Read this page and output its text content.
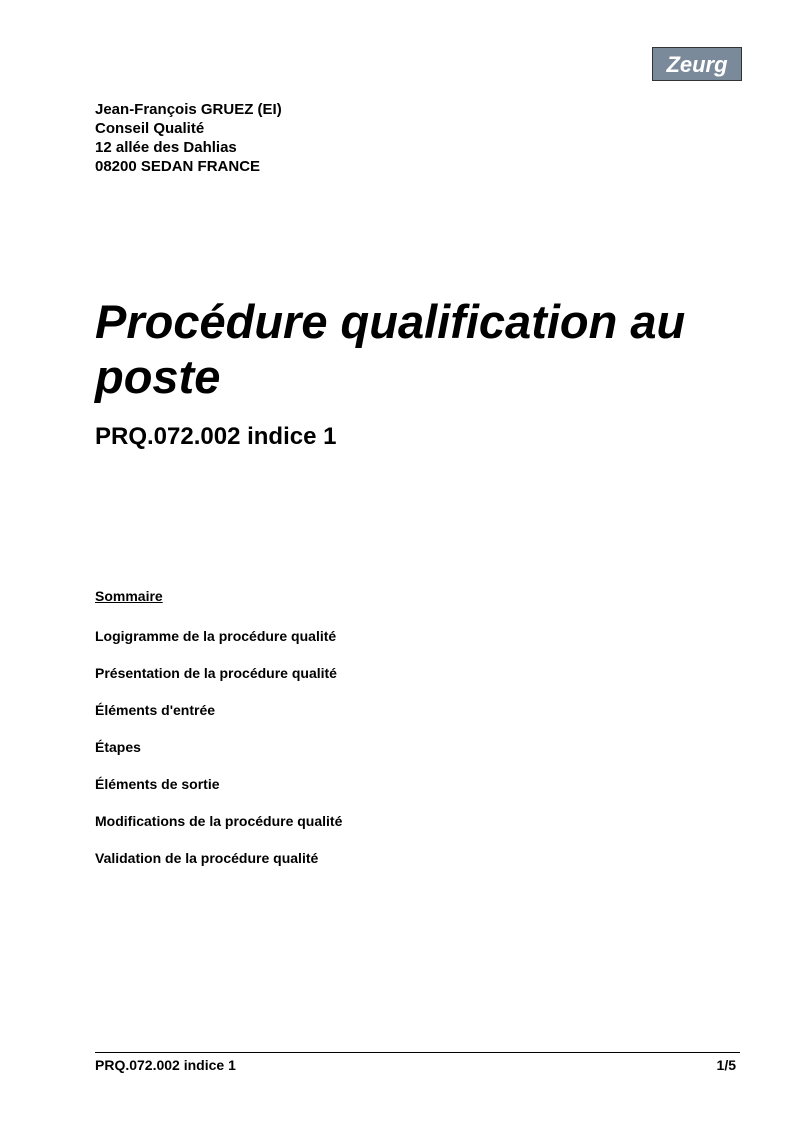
Zeurg
Jean-François GRUEZ (EI)
Conseil Qualité
12 allée des Dahlias
08200 SEDAN FRANCE
Procédure qualification au poste
PRQ.072.002 indice 1
Sommaire
Logigramme de la procédure qualité
Présentation de la procédure qualité
Éléments d'entrée
Étapes
Éléments de sortie
Modifications de la procédure qualité
Validation de la procédure qualité
PRQ.072.002 indice 1	1/5
